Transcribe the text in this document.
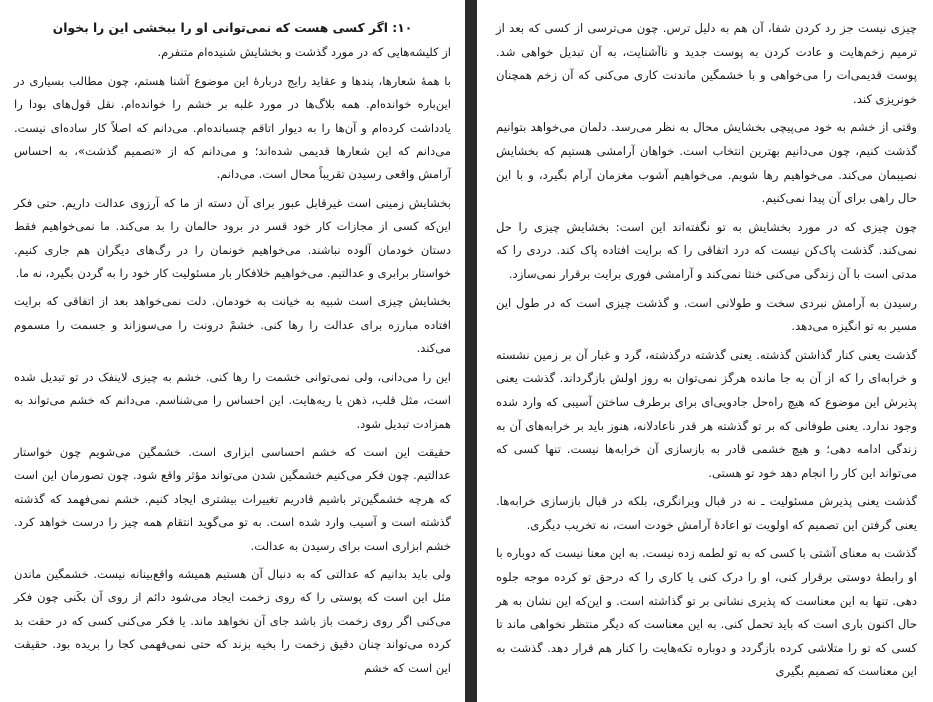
۱۰: اگر کسی هست که نمی‌توانی او را ببخشی این را بخوان

از کلیشه‌هایی که در مورد گذشت و بخشایش شنیده‌ام متنفرم.

با همهٔ شعارها، پندها و عقاید رایج دربارهٔ این موضوع آشنا هستم، چون مطالب بسیاری در این‌باره خوانده‌ام. همه بلاگ‌ها در مورد غلبه بر خشم را خوانده‌ام. نقل قول‌های بودا را یادداشت کرده‌ام و آن‌ها را به دیوار اتاقم چسبانده‌ام. می‌دانم که اصلاً کار ساده‌ای نیست. می‌دانم که این شعارها قدیمی شده‌اند؛ و می‌دانم که از «تصمیم گذشت»، به احساس آرامش واقعی رسیدن تقریباً محال است. می‌دانم.

بخشایش زمینی است غیرقابل عبور برای آن دسته از ما که آرزوی عدالت داریم. حتی فکر این‌که کسی از مجازات کار خود قسر در برود حالمان را بد می‌کند. ما نمی‌خواهیم فقط دستان خودمان آلوده نباشند. می‌خواهیم خونمان را در رگ‌های دیگران هم جاری کنیم. خواستار برابری و عدالتیم. می‌خواهیم خلافکار بار مسئولیت کار خود را به گردن بگیرد، نه ما.

بخشایش چیزی است شبیه به خیانت به خودمان. دلت نمی‌خواهد بعد از اتفاقی که برایت افتاده مبارزه برای عدالت را رها کنی. خشمْ درونت را می‌سوزاند و جسمت را مسموم می‌کند.

این را می‌دانی، ولی نمی‌توانی خشمت را رها کنی. خشم به چیزی لاینفک در تو تبدیل شده است، مثل قلب، ذهن یا ریه‌هایت. این احساس را می‌شناسم. می‌دانم که خشم می‌تواند به همزادت تبدیل شود.

حقیقت این است که خشم احساسی ابزاری است. خشمگین می‌شویم چون خواستار عدالتیم. چون فکر می‌کنیم خشمگین شدن می‌تواند مؤثر واقع شود. چون تصورمان این است که هرچه خشمگین‌تر باشیم قادریم تغییرات بیشتری ایجاد کنیم. خشم نمی‌فهمد که گذشته گذشته است و آسیب وارد شده است. به تو می‌گوید انتقام همه چیز را درست خواهد کرد. خشم ابزاری است برای رسیدن به عدالت.

ولی باید بدانیم که عدالتی که به دنبال آن هستیم همیشه واقع‌بینانه نیست. خشمگین ماندن مثل این است که پوستی را که روی زخمت ایجاد می‌شود دائم از روی آن بکَنی چون فکر می‌کنی اگر روی زخمت باز باشد جای آن نخواهد ماند. یا فکر می‌کنی کسی که در حقت بد کرده می‌تواند چنان دقیق زخمت را بخیه بزند که حتی نمی‌فهمی کجا را بریده بود. حقیقت این است که خشم

چیزی نیست جز رد کردن شفا، آن هم به دلیل ترس. چون می‌ترسی از کسی که بعد از ترمیم زخم‌هایت و عادت کردن به پوست جدید و ناآشنایت، به آن تبدیل خواهی شد. پوست قدیمی‌ات را می‌خواهی و با خشمگین ماندنت کاری می‌کنی که آن زخم همچنان خونریزی کند.

وقتی از خشم به خود می‌پیچی بخشایش محال به نظر می‌رسد. دلمان می‌خواهد بتوانیم گذشت کنیم، چون می‌دانیم بهترین انتخاب است. خواهان آرامشی هستیم که بخشایش نصیبمان می‌کند. می‌خواهیم رها شویم. می‌خواهیم آشوب مغزمان آرام بگیرد، و با این حال راهی برای آن پیدا نمی‌کنیم.

چون چیزی که در مورد بخشایش به تو نگفته‌اند این است: بخشایش چیزی را حل نمی‌کند. گذشت پاک‌کن نیست که درد اتفاقی را که برایت افتاده پاک کند. دردی را که مدتی است با آن زندگی می‌کنی خنثا نمی‌کند و آرامشی فوری برایت برقرار نمی‌سازد.

رسیدن به آرامش نبردی سخت و طولانی است. و گذشت چیزی است که در طول این مسیر به تو انگیزه می‌دهد.

گذشت یعنی کنار گذاشتن گذشته. یعنی گذشته درگذشته، گرد و غبار آن بر زمین نشسته و خرابه‌ای را که از آن به جا مانده هرگز نمی‌توان به روز اولش بازگرداند. گذشت یعنی پذیرش این موضوع که هیچ راه‌حل جادویی‌ای برای برطرف ساختن آسیبی که وارد شده وجود ندارد. یعنی طوفانی که بر تو گذشته هر قدر ناعادلانه، هنوز باید بر خرابه‌های آن به زندگی ادامه دهی؛ و هیچ خشمی قادر به بازسازی آن خرابه‌ها نیست. تنها کسی که می‌تواند این کار را انجام دهد خود تو هستی.

گذشت یعنی پذیرش مسئولیت ـ نه در قبال ویرانگری، بلکه در قبال بازسازی خرابه‌ها. یعنی گرفتن این تصمیم که اولویت تو اعادهٔ آرامش خودت است، نه تخریب دیگری.

گذشت به معنای آشتی با کسی که به تو لطمه زده نیست. به این معنا نیست که دوباره با او رابطهٔ دوستی برقرار کنی، او را درک کنی یا کاری را که درحق تو کرده موجه جلوه دهی. تنها به این معناست که پذیری نشانی بر تو گذاشته است. و این‌که این نشان به هر حال اکنون باری است که باید تحمل کنی. به این معناست که دیگر منتظر نخواهی ماند تا کسی که تو را متلاشی کرده بازگردد و دوباره تکه‌هایت را کنار هم قرار دهد. گذشت به این معناست که تصمیم بگیری
